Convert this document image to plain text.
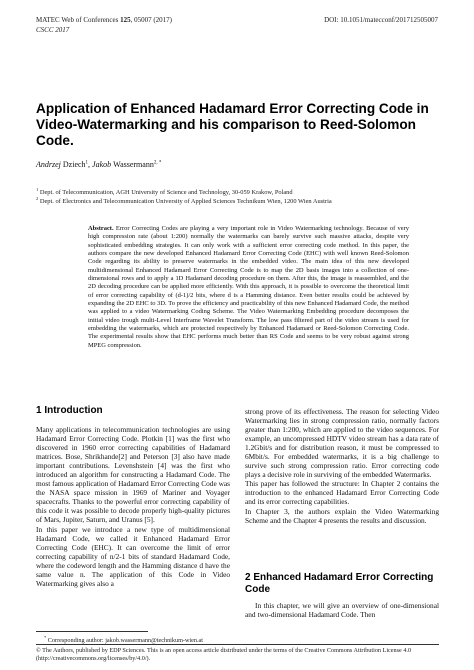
MATEC Web of Conferences 125, 05007 (2017)
CSCC 2017
DOI: 10.1051/matecconf/201712505007
Application of Enhanced Hadamard Error Correcting Code in Video-Watermarking and his comparison to Reed-Solomon Code.
Andrzej Dziech$^1$, Jakob Wassermann$^{2, *}$
$^1$ Dept. of Telecommunication, AGH University of Science and Technology, 30-059 Krakow, Poland
$^2$ Dept. of Electronics and Telecommunication University of Applied Sciences Technikum Wien, 1200 Wien Austria
Abstract. Error Correcting Codes are playing a very important role in Video Watermarking technology. Because of very high compression rate (about 1:200) normally the watermarks can barely survive such massive attacks, despite very sophisticated embedding strategies. It can only work with a sufficient error correcting code method. In this paper, the authors compare the new developed Enhanced Hadamard Error Correcting Code (EHC) with well known Reed-Solomon Code regarding its ability to preserve watermarks in the embedded video. The main idea of this new developed multidimensional Enhanced Hadamard Error Correcting Code is to map the 2D basis images into a collection of one-dimensional rows and to apply a 1D Hadamard decoding procedure on them. After this, the image is reassembled, and the 2D decoding procedure can be applied more efficiently. With this approach, it is possible to overcome the theoretical limit of error correcting capability of (d-1)/2 bits, where d is a Hamming distance. Even better results could be achieved by expanding the 2D EHC to 3D. To prove the efficiency and practicability of this new Enhanced Hadamard Code, the method was applied to a video Watermarking Coding Scheme. The Video Watermarking Embedding procedure decomposes the initial video trough multi-Level Interframe Wavelet Transform. The low pass filtered part of the video stream is used for embedding the watermarks, which are protected respectively by Enhanced Hadamard or Reed-Solomon Correcting Code. The experimental results show that EHC performs much better than RS Code and seems to be very robust against strong MPEG compression.
1 Introduction

Many applications in telecommunication technologies are using Hadamard Error Correcting Code. Plotkin [1] was the first who discovered in 1960 error correcting capabilities of Hadamard matrices. Bose, Shrikhande[2] and Peterson [3] also have made important contributions. Levenshstein [4] was the first who introduced an algorithm for constructing a Hadamard Code. The most famous application of Hadamard Error Correcting Code was the NASA space mission in 1969 of Mariner and Voyager spacecrafts. Thanks to the powerful error correcting capability of this code it was possible to decode properly high-quality pictures of Mars, Jupiter, Saturn, and Uranus [5].

In this paper we introduce a new type of multidimensional Hadamard Code, we called it Enhanced Hadamard Error Correcting Code (EHC). It can overcome the limit of error correcting capability of n/2-1 bits of standard Hadamard Code, where the codeword length and the Hamming distance d have the same value n. The application of this Code in Video Watermarking gives also a

strong prove of its effectiveness. The reason for selecting Video Watermarking lies in strong compression ratio, normally factors greater than 1:200, which are applied to the video sequences. For example, an uncompressed HDTV video stream has a data rate of 1.2Gbit/s and for distribution reason, it must be compressed to 6Mbit/s. For embedded watermarks, it is a big challenge to survive such strong compression ratio. Error correcting code plays a decisive role in surviving of the embedded Watermarks.

This paper has followed the structure: In Chapter 2 contains the introduction to the enhanced Hadamard Error Correcting Code and its error correcting capabilities.

In Chapter 3, the authors explain the Video Watermarking Scheme and the Chapter 4 presents the results and discussion.

2 Enhanced Hadamard Error Correcting Code

In this chapter, we will give an overview of one-dimensional and two-dimensional Hadamard Code. Then

* Corresponding author: jakob.wassermann@technikum-wien.at
© The Authors, published by EDP Sciences. This is an open access article distributed under the terms of the Creative Commons Attribution License 4.0 (http://creativecommons.org/licenses/by/4.0/).
